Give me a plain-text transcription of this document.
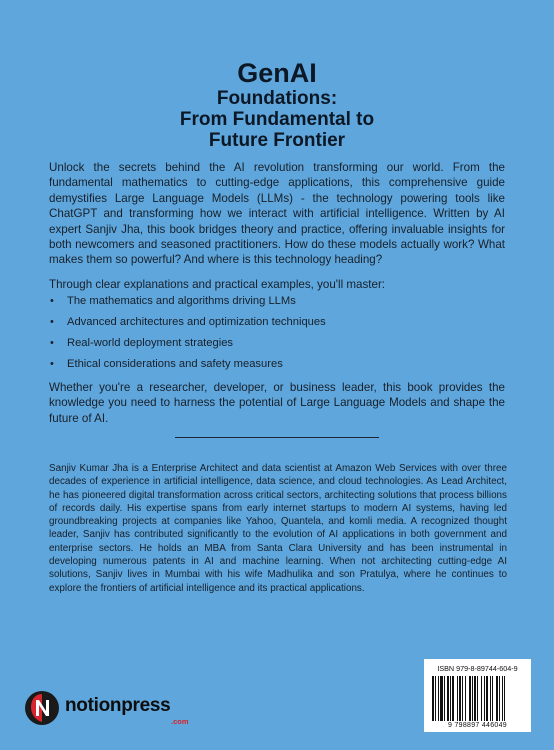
GenAI
Foundations:
From Fundamental to
Future Frontier
Unlock the secrets behind the AI revolution transforming our world. From the fundamental mathematics to cutting-edge applications, this comprehensive guide demystifies Large Language Models (LLMs) - the technology powering tools like ChatGPT and transforming how we interact with artificial intelligence. Written by AI expert Sanjiv Jha, this book bridges theory and practice, offering invaluable insights for both newcomers and seasoned practitioners. How do these models actually work? What makes them so powerful? And where is this technology heading?
Through clear explanations and practical examples, you'll master:
• The mathematics and algorithms driving LLMs
• Advanced architectures and optimization techniques
• Real-world deployment strategies
• Ethical considerations and safety measures
Whether you're a researcher, developer, or business leader, this book provides the knowledge you need to harness the potential of Large Language Models and shape the future of AI.
Sanjiv Kumar Jha is a Enterprise Architect and data scientist at Amazon Web Services with over three decades of experience in artificial intelligence, data science, and cloud technologies. As Lead Architect, he has pioneered digital transformation across critical sectors, architecting solutions that process billions of records daily. His expertise spans from early internet startups to modern AI systems, having led groundbreaking projects at companies like Yahoo, Quantela, and komli media. A recognized thought leader, Sanjiv has contributed significantly to the evolution of AI applications in both government and enterprise sectors. He holds an MBA from Santa Clara University and has been instrumental in developing numerous patents in AI and machine learning. When not architecting cutting-edge AI solutions, Sanjiv lives in Mumbai with his wife Madhulika and son Pratulya, where he continues to explore the frontiers of artificial intelligence and its practical applications.
notionpress
.com
ISBN 979-8-89744-604-9
9 798897 446049
